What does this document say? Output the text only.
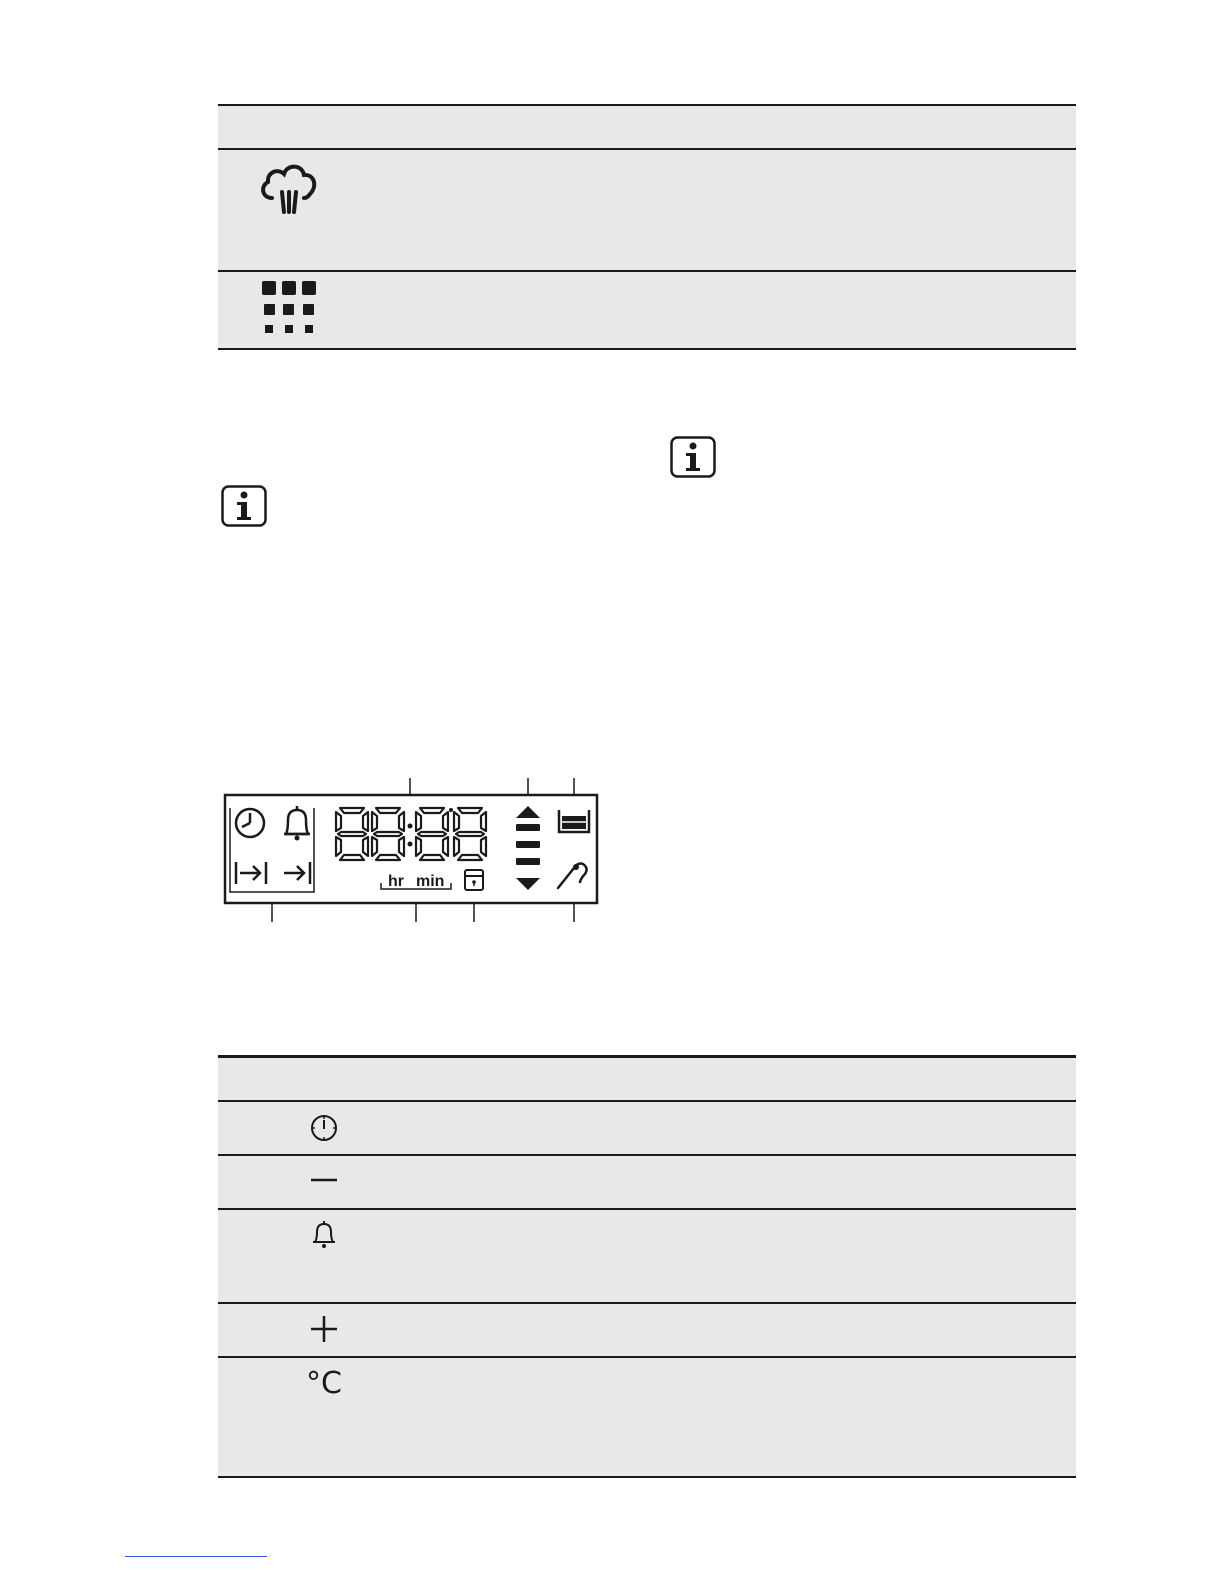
hr min
°C
